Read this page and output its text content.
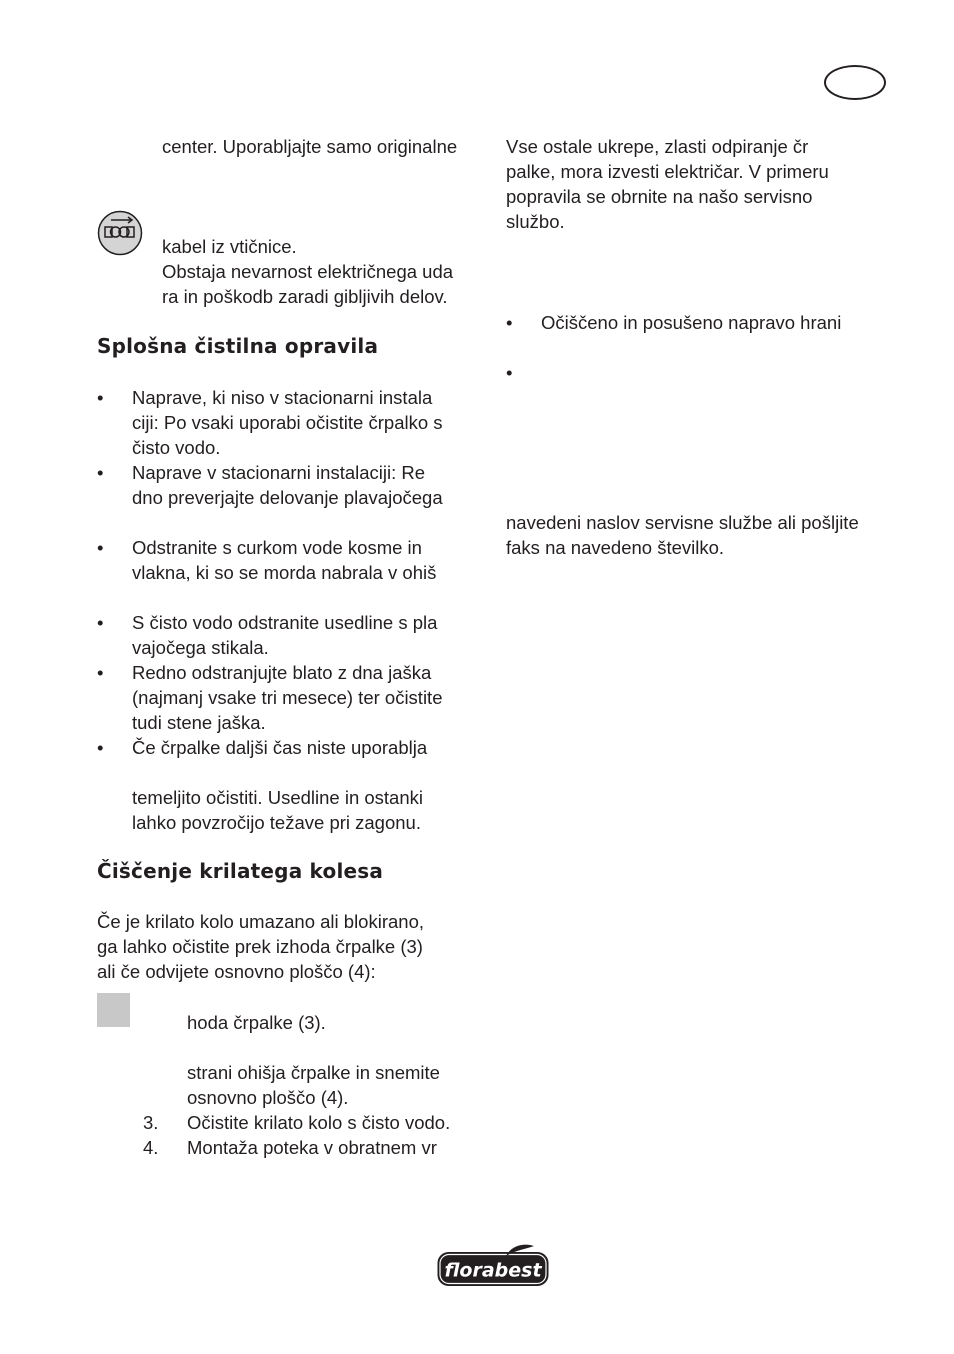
center. Uporabljajte samo originalne
kabel iz vtičnice.
Obstaja nevarnost električnega uda
ra in poškodb zaradi gibljivih delov.
Splošna čistilna opravila
• Naprave, ki niso v stacionarni instala
ciji: Po vsaki uporabi očistite črpalko s
čisto vodo.
• Naprave v stacionarni instalaciji: Re
dno preverjajte delovanje plavajočega
• Odstranite s curkom vode kosme in
vlakna, ki so se morda nabrala v ohiš
• S čisto vodo odstranite usedline s pla
vajočega stikala.
• Redno odstranjujte blato z dna jaška
(najmanj vsake tri mesece) ter očistite
tudi stene jaška.
• Če črpalke daljši čas niste uporablja
temeljito očistiti. Usedline in ostanki
lahko povzročijo težave pri zagonu.
Čiščenje krilatega kolesa
Če je krilato kolo umazano ali blokirano,
ga lahko očistite prek izhoda črpalke (3)
ali če odvijete osnovno ploščo (4):
hoda črpalke (3).
strani ohišja črpalke in snemite
osnovno ploščo (4).
3. Očistite krilato kolo s čisto vodo.
4. Montaža poteka v obratnem vr
Vse ostale ukrepe, zlasti odpiranje čr
palke, mora izvesti električar. V primeru
popravila se obrnite na našo servisno
službo.
• Očiščeno in posušeno napravo hrani
•
navedeni naslov servisne službe ali pošljite
faks na navedeno številko.
florabest
